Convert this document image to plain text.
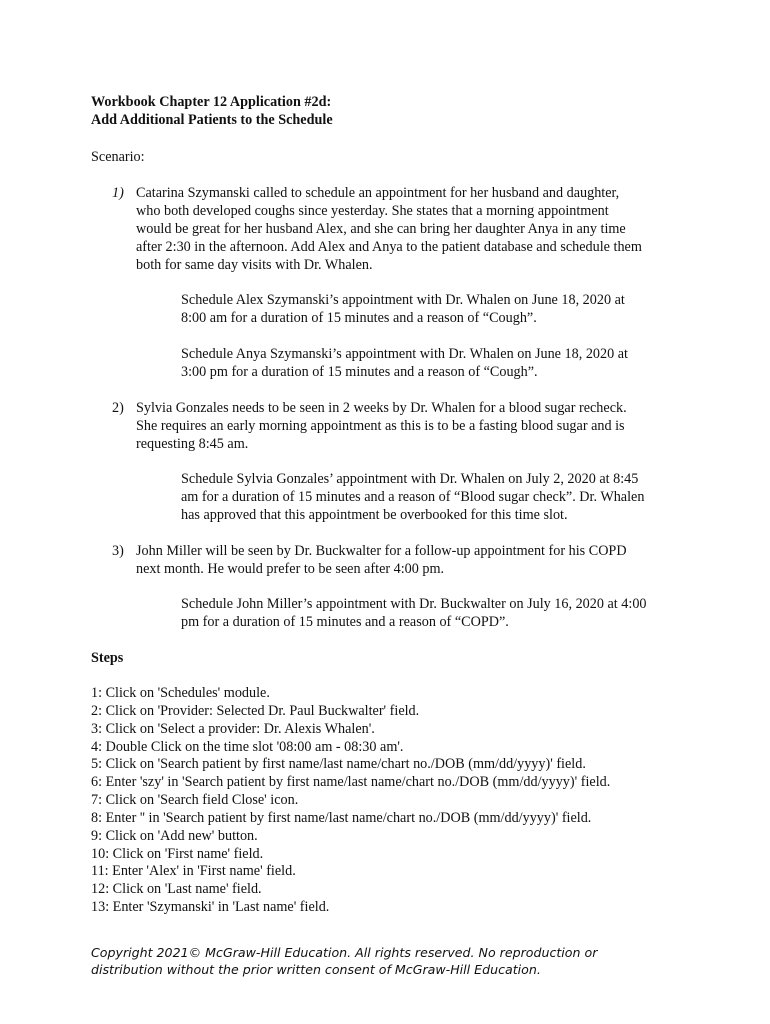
Workbook Chapter 12 Application #2d:
Add Additional Patients to the Schedule
Scenario:
1) Catarina Szymanski called to schedule an appointment for her husband and daughter,
who both developed coughs since yesterday. She states that a morning appointment
would be great for her husband Alex, and she can bring her daughter Anya in any time
after 2:30 in the afternoon. Add Alex and Anya to the patient database and schedule them
both for same day visits with Dr. Whalen.
Schedule Alex Szymanski’s appointment with Dr. Whalen on June 18, 2020 at
8:00 am for a duration of 15 minutes and a reason of “Cough”.
Schedule Anya Szymanski’s appointment with Dr. Whalen on June 18, 2020 at
3:00 pm for a duration of 15 minutes and a reason of “Cough”.
2) Sylvia Gonzales needs to be seen in 2 weeks by Dr. Whalen for a blood sugar recheck.
She requires an early morning appointment as this is to be a fasting blood sugar and is
requesting 8:45 am.
Schedule Sylvia Gonzales’ appointment with Dr. Whalen on July 2, 2020 at 8:45
am for a duration of 15 minutes and a reason of “Blood sugar check”. Dr. Whalen
has approved that this appointment be overbooked for this time slot.
3) John Miller will be seen by Dr. Buckwalter for a follow-up appointment for his COPD
next month. He would prefer to be seen after 4:00 pm.
Schedule John Miller’s appointment with Dr. Buckwalter on July 16, 2020 at 4:00
pm for a duration of 15 minutes and a reason of “COPD”.
Steps
1: Click on 'Schedules' module.
2: Click on 'Provider: Selected Dr. Paul Buckwalter' field.
3: Click on 'Select a provider: Dr. Alexis Whalen'.
4: Double Click on the time slot '08:00 am - 08:30 am'.
5: Click on 'Search patient by first name/last name/chart no./DOB (mm/dd/yyyy)' field.
6: Enter 'szy' in 'Search patient by first name/last name/chart no./DOB (mm/dd/yyyy)' field.
7: Click on 'Search field Close' icon.
8: Enter '' in 'Search patient by first name/last name/chart no./DOB (mm/dd/yyyy)' field.
9: Click on 'Add new' button.
10: Click on 'First name' field.
11: Enter 'Alex' in 'First name' field.
12: Click on 'Last name' field.
13: Enter 'Szymanski' in 'Last name' field.
Copyright 2021© McGraw-Hill Education. All rights reserved. No reproduction or
distribution without the prior written consent of McGraw-Hill Education.
